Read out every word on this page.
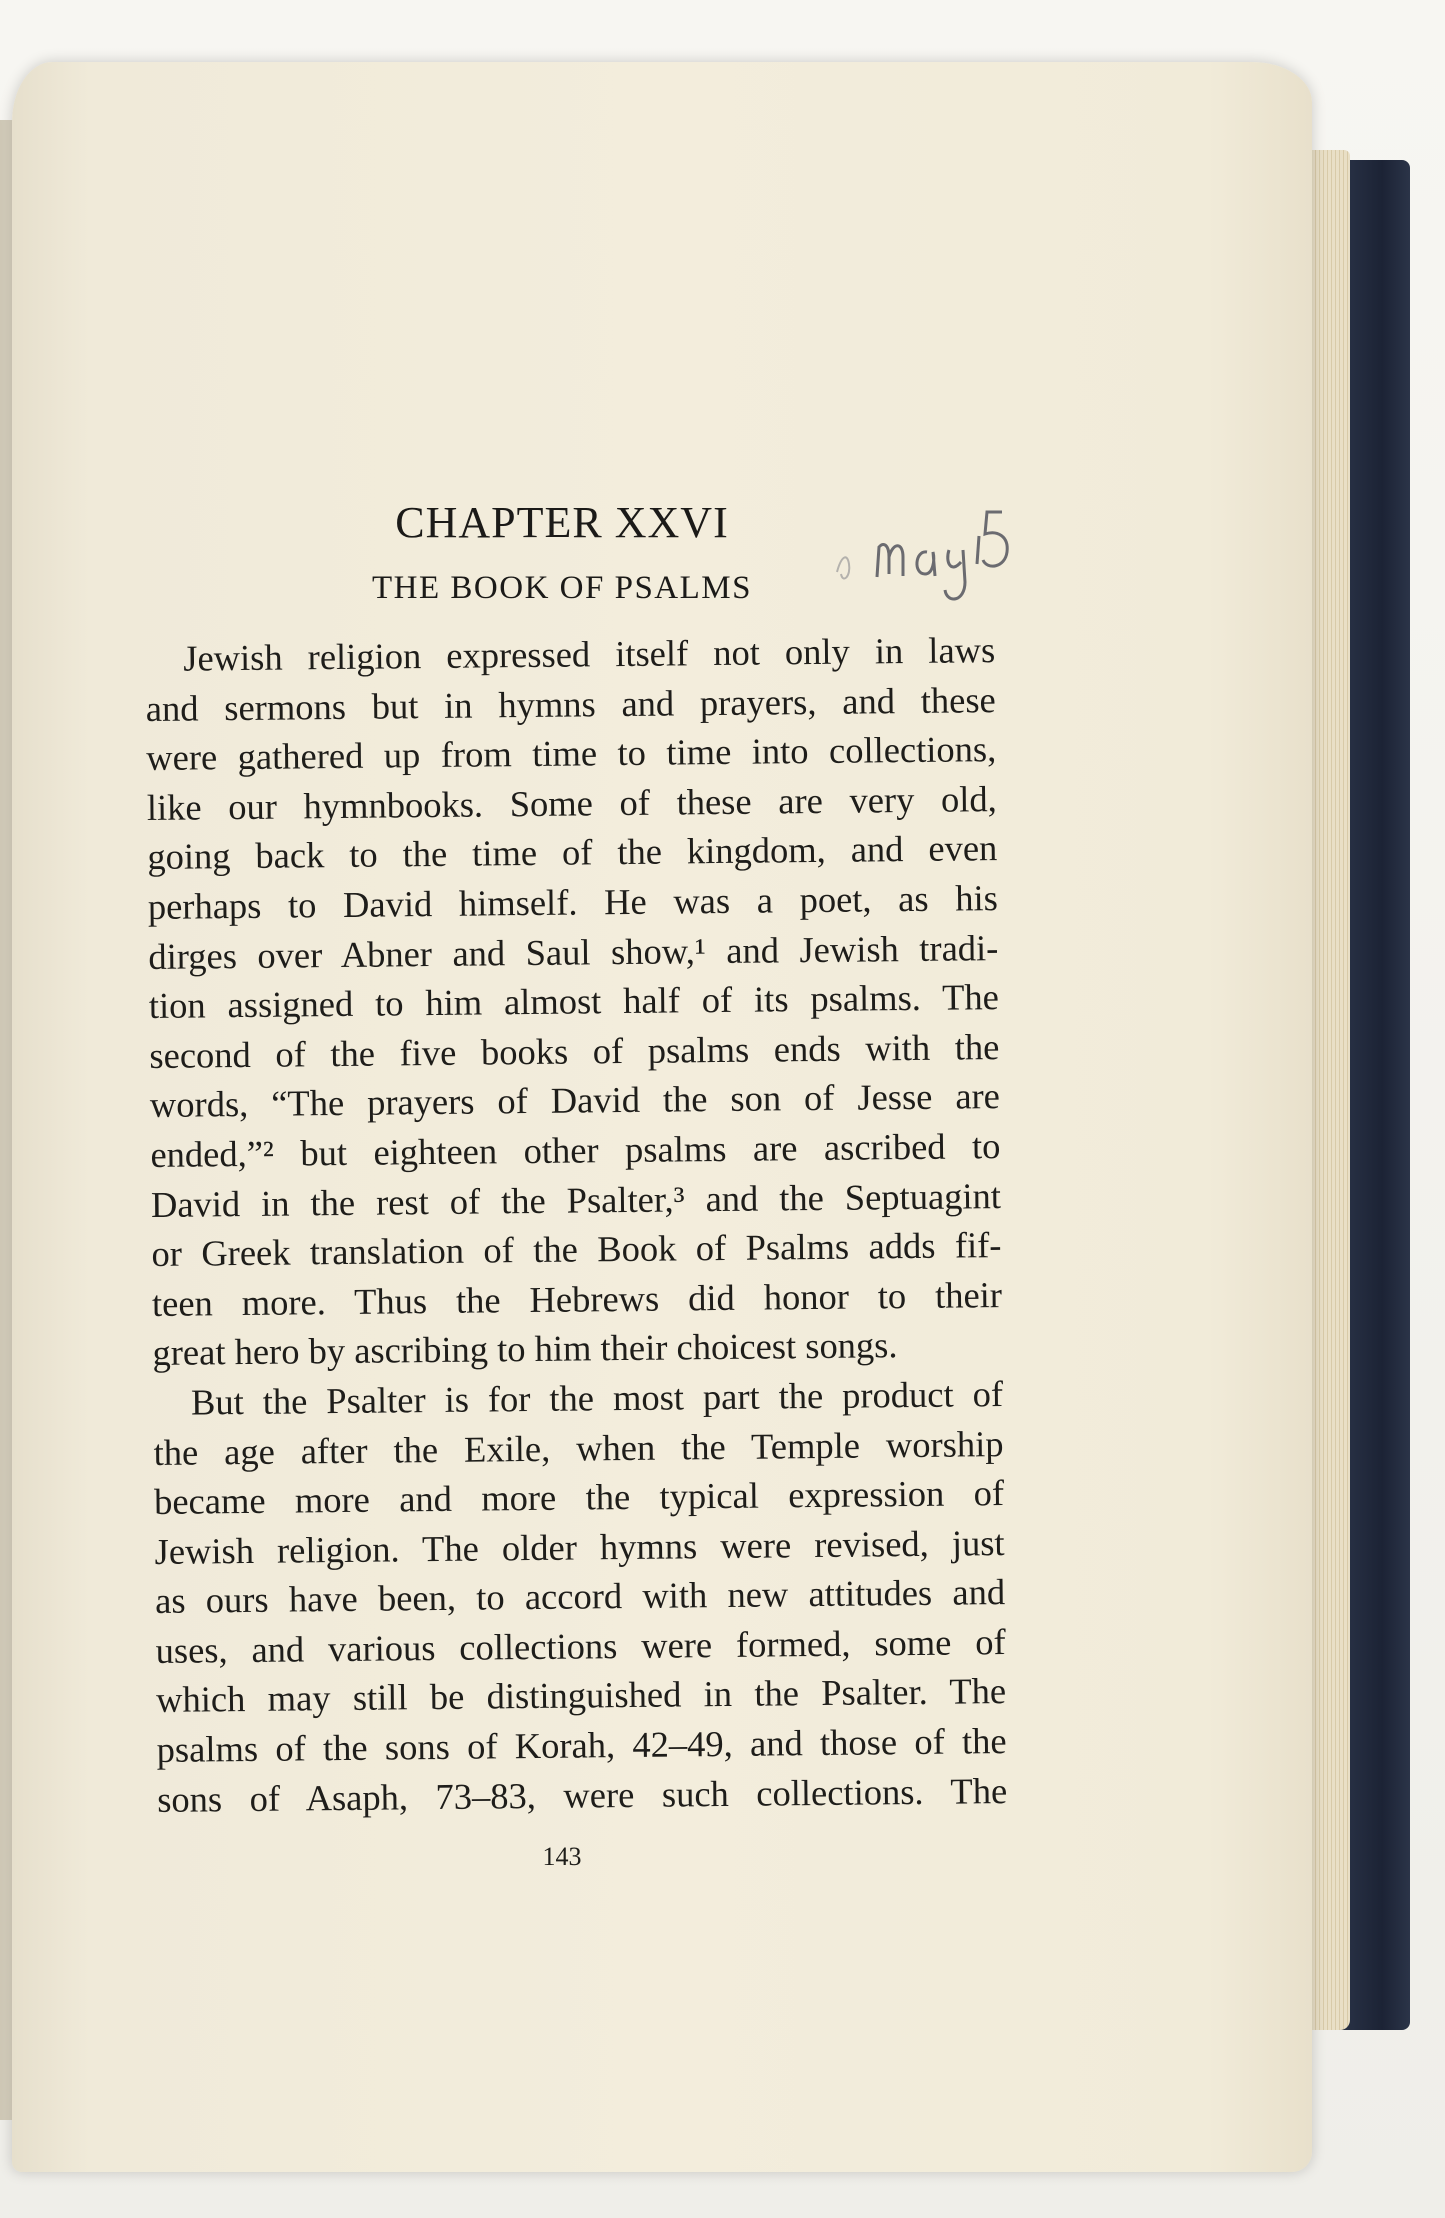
CHAPTER XXVI
THE BOOK OF PSALMS
Jewish religion expressed itself not only in laws
and sermons but in hymns and prayers, and these
were gathered up from time to time into collections,
like our hymnbooks. Some of these are very old,
going back to the time of the kingdom, and even
perhaps to David himself. He was a poet, as his
dirges over Abner and Saul show,¹ and Jewish tradi-
tion assigned to him almost half of its psalms. The
second of the five books of psalms ends with the
words, “The prayers of David the son of Jesse are
ended,”² but eighteen other psalms are ascribed to
David in the rest of the Psalter,³ and the Septuagint
or Greek translation of the Book of Psalms adds fif-
teen more. Thus the Hebrews did honor to their
great hero by ascribing to him their choicest songs.
But the Psalter is for the most part the product of
the age after the Exile, when the Temple worship
became more and more the typical expression of
Jewish religion. The older hymns were revised, just
as ours have been, to accord with new attitudes and
uses, and various collections were formed, some of
which may still be distinguished in the Psalter. The
psalms of the sons of Korah, 42–49, and those of the
sons of Asaph, 73–83, were such collections. The
143
